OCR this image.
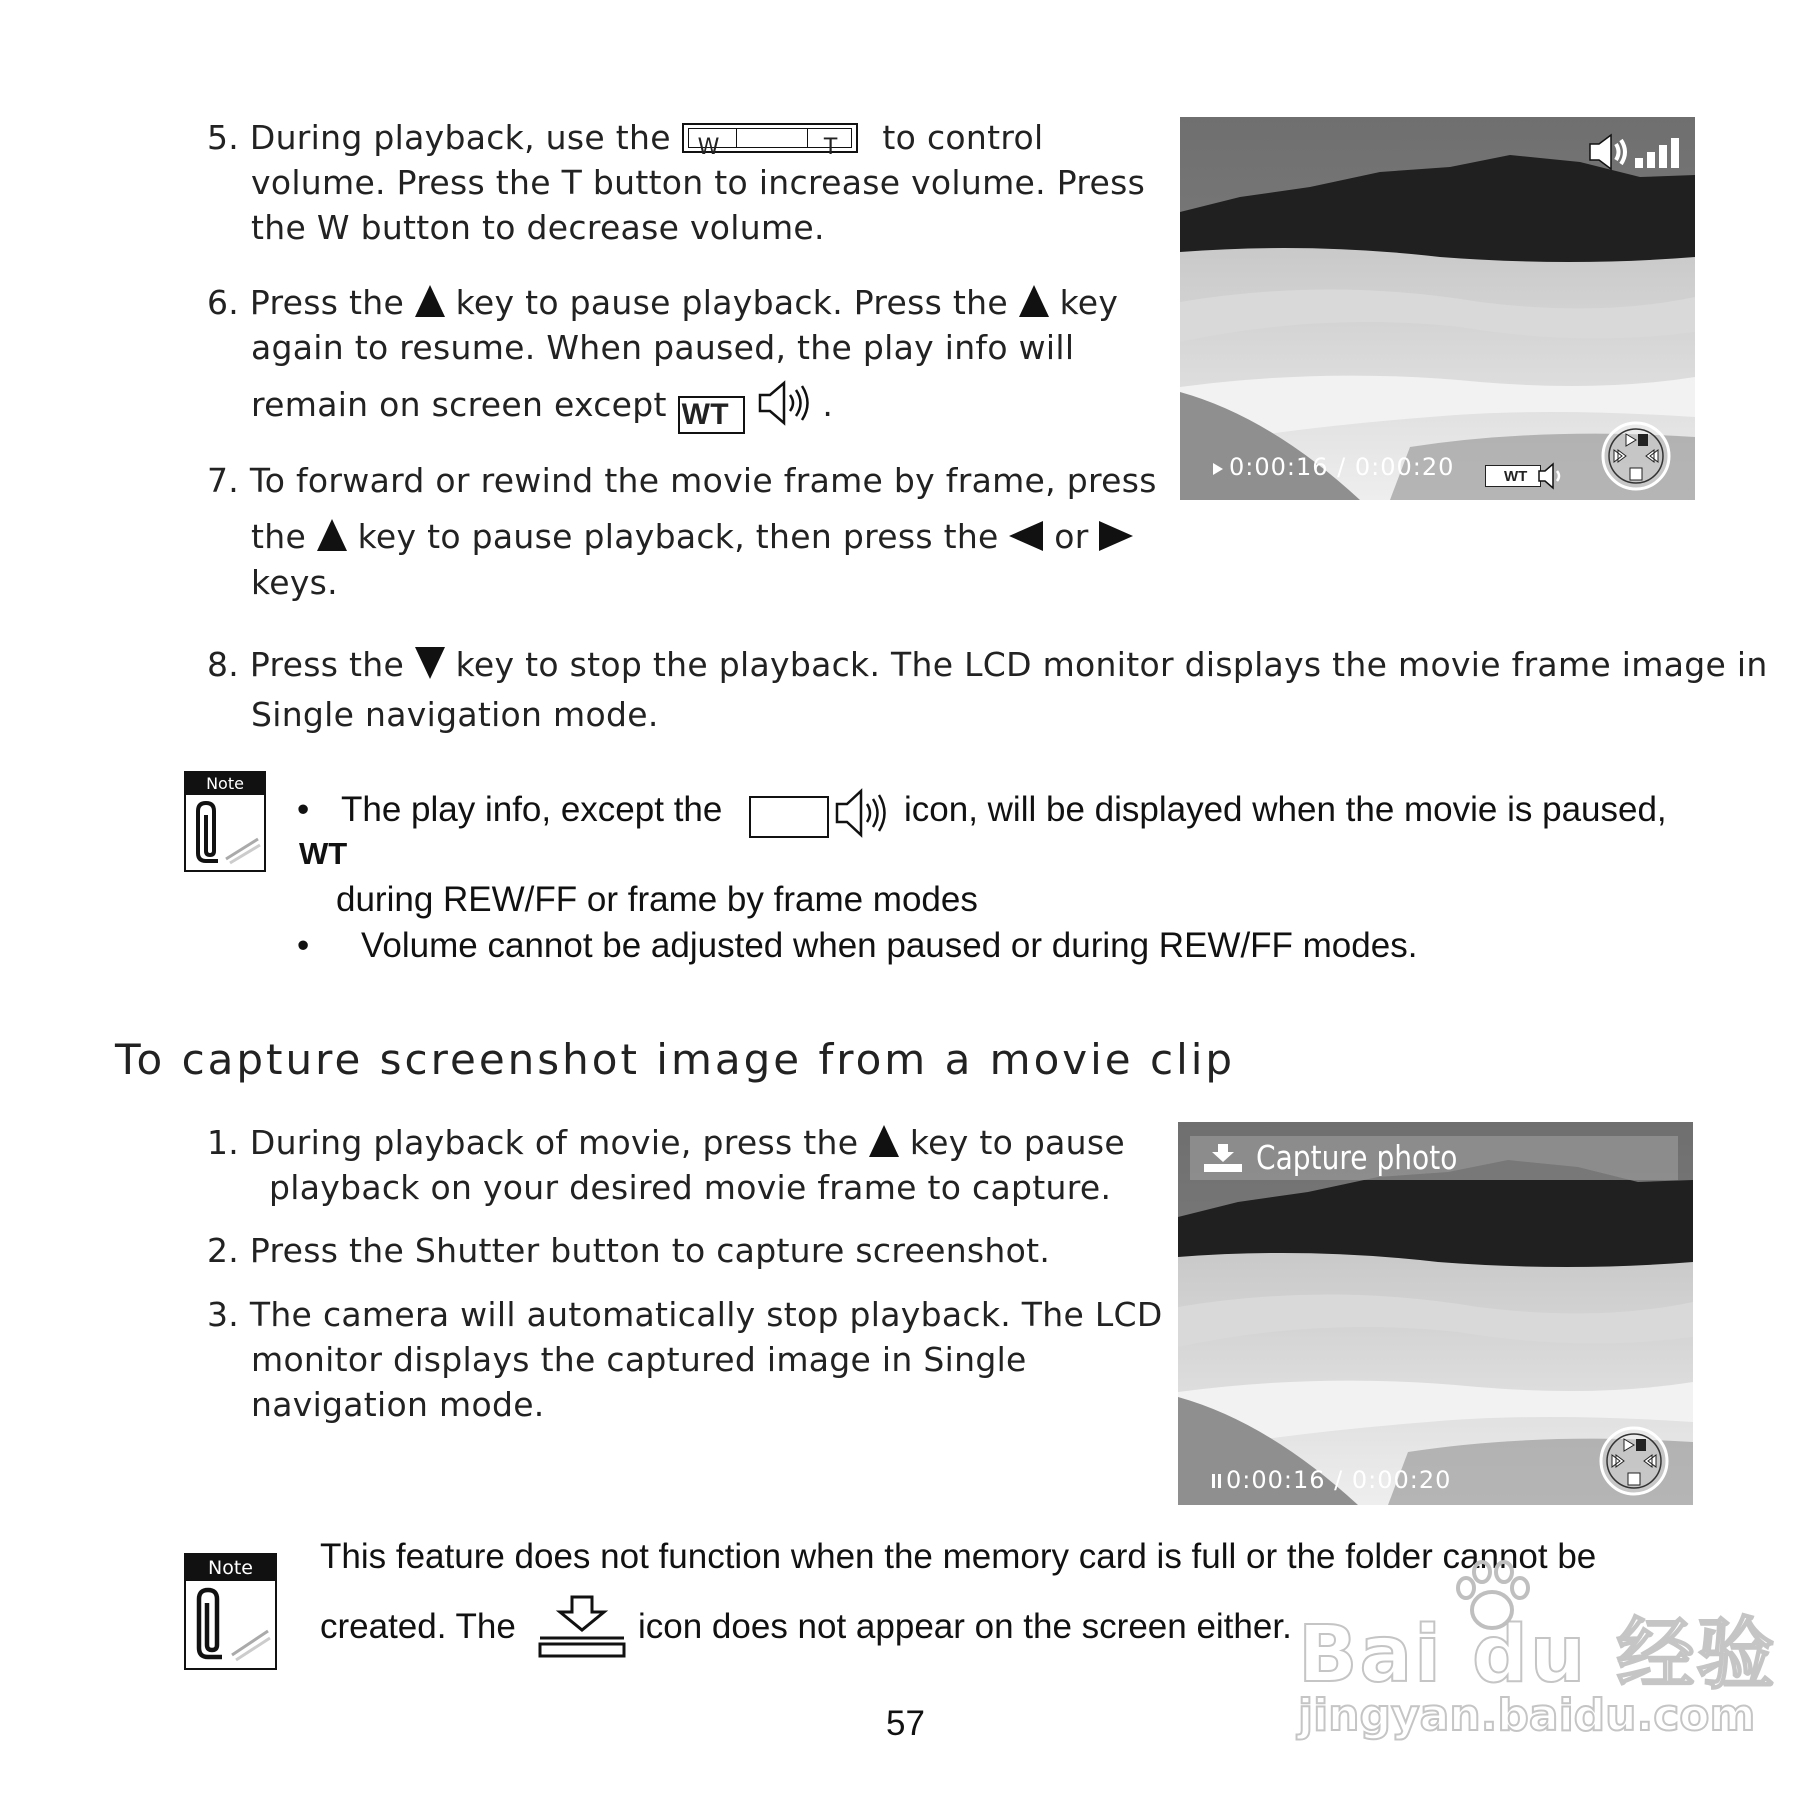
5. During playback, use the W	T to control
volume. Press the T button to increase volume. Press
the W button to decrease volume.
6. Press the key to pause playback. Press the key
again to resume. When paused, the play info will
remain on screen except WT	.
7. To forward or rewind the movie frame by frame, press
the key to pause playback, then press the or
keys.
0:00:16 / 0:00:20	WT
8. Press the key to stop the playback. The LCD monitor displays the movie frame image in
Single navigation mode.
Note
• The play info, except the	icon, will be displayed when the movie is paused,
WT
during REW/FF or frame by frame modes
• Volume cannot be adjusted when paused or during REW/FF modes.
To capture screenshot image from a movie clip
1. During playback of movie, press the key to pause
playback on your desired movie frame to capture.
2. Press the Shutter button to capture screenshot.
3. The camera will automatically stop playback. The LCD
monitor displays the captured image in Single
navigation mode.
Capture photo
0:00:16 / 0:00:20
Note	This feature does not function when the memory card is full or the folder cannot be
created. The	icon does not appear on the screen either.
57
Bai du 经验
jingyan.baidu.com
